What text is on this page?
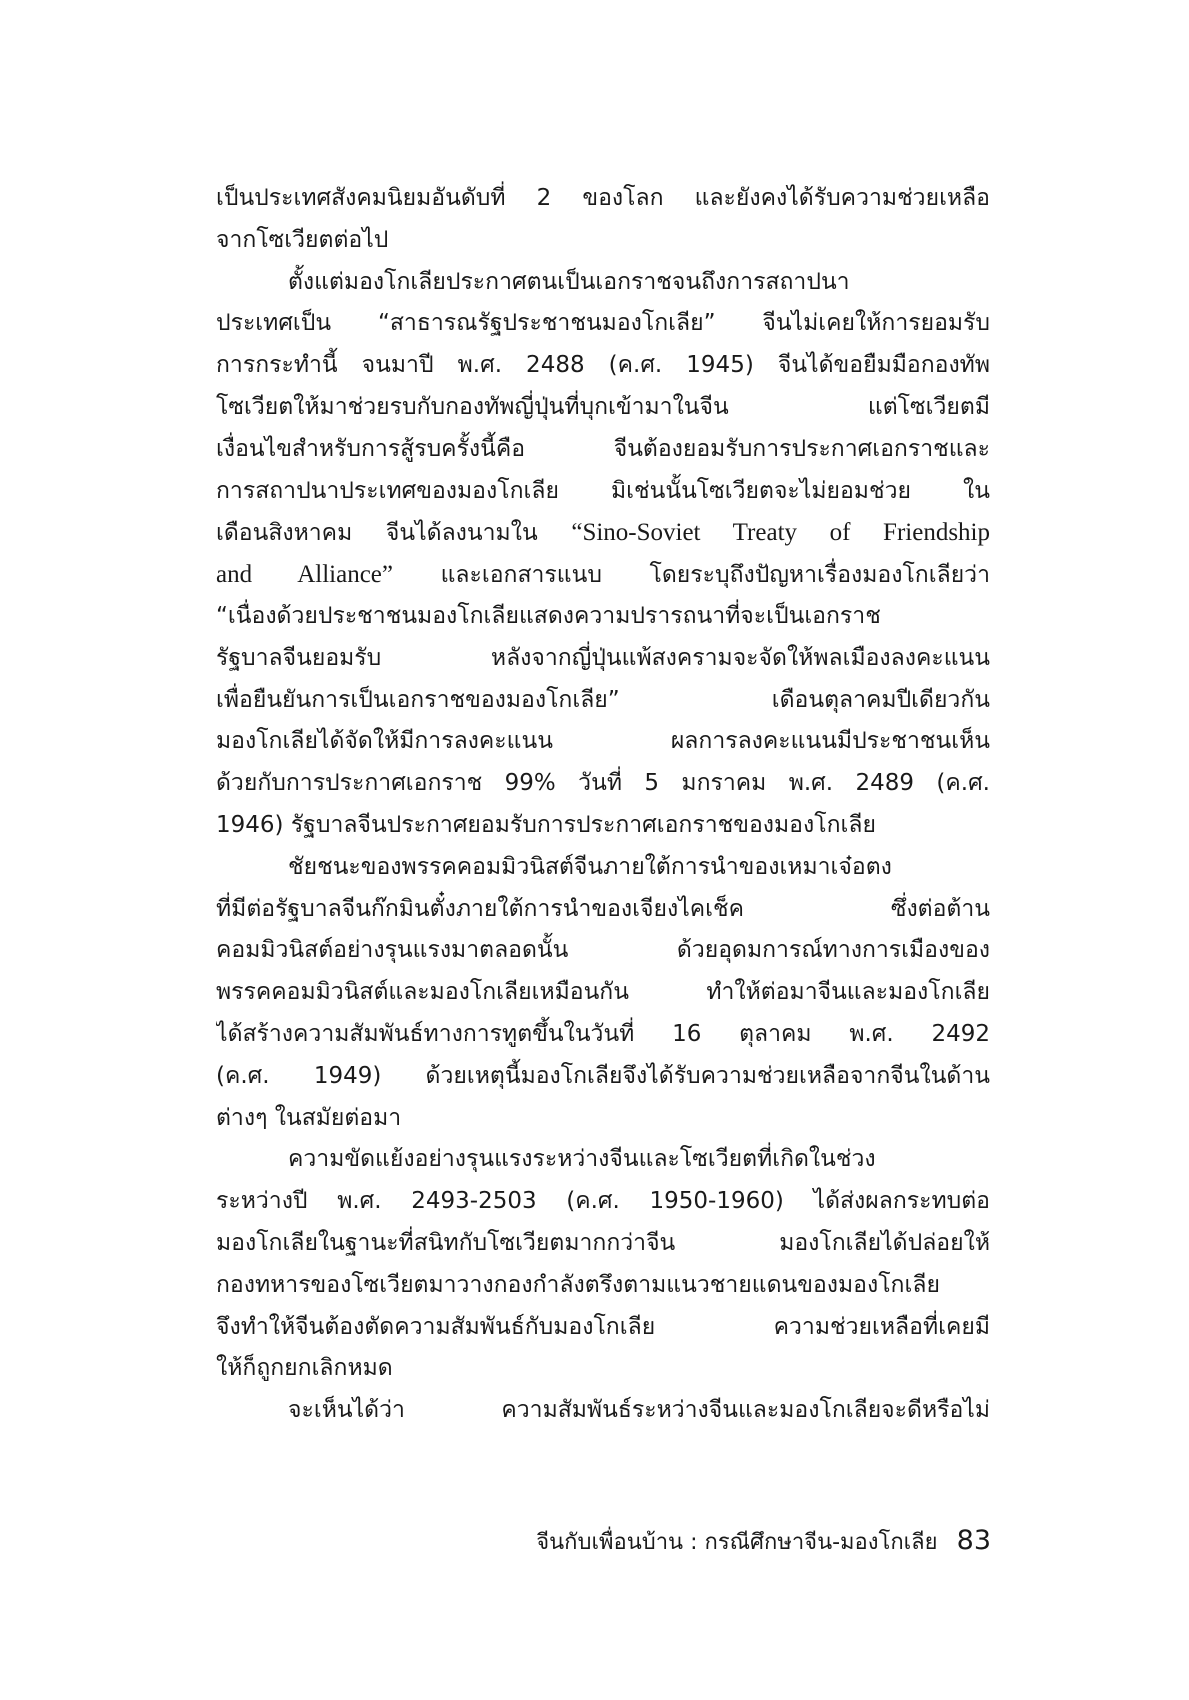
เป็นประเทศสังคมนิยมอันดับที่ 2 ของโลก และยังคงได้รับความช่วยเหลือ
จากโซเวียตต่อไป
ตั้งแต่มองโกเลียประกาศตนเป็นเอกราชจนถึงการสถาปนา
ประเทศเป็น “สาธารณรัฐประชาชนมองโกเลีย” จีนไม่เคยให้การยอมรับ
การกระทำนี้ จนมาปี พ.ศ. 2488 (ค.ศ. 1945) จีนได้ขอยืมมือกองทัพ
โซเวียตให้มาช่วยรบกับกองทัพญี่ปุ่นที่บุกเข้ามาในจีน แต่โซเวียตมี
เงื่อนไขสำหรับการสู้รบครั้งนี้คือ จีนต้องยอมรับการประกาศเอกราชและ
การสถาปนาประเทศของมองโกเลีย มิเช่นนั้นโซเวียตจะไม่ยอมช่วย ใน
เดือนสิงหาคม จีนได้ลงนามใน “Sino-Soviet Treaty of Friendship
and Alliance” และเอกสารแนบ โดยระบุถึงปัญหาเรื่องมองโกเลียว่า
“เนื่องด้วยประชาชนมองโกเลียแสดงความปรารถนาที่จะเป็นเอกราช
รัฐบาลจีนยอมรับ หลังจากญี่ปุ่นแพ้สงครามจะจัดให้พลเมืองลงคะแนน
เพื่อยืนยันการเป็นเอกราชของมองโกเลีย” เดือนตุลาคมปีเดียวกัน
มองโกเลียได้จัดให้มีการลงคะแนน ผลการลงคะแนนมีประชาชนเห็น
ด้วยกับการประกาศเอกราช 99% วันที่ 5 มกราคม พ.ศ. 2489 (ค.ศ.
1946) รัฐบาลจีนประกาศยอมรับการประกาศเอกราชของมองโกเลีย
ชัยชนะของพรรคคอมมิวนิสต์จีนภายใต้การนำของเหมาเจ๋อตง
ที่มีต่อรัฐบาลจีนก๊กมินตั๋งภายใต้การนำของเจียงไคเช็ค ซึ่งต่อต้าน
คอมมิวนิสต์อย่างรุนแรงมาตลอดนั้น ด้วยอุดมการณ์ทางการเมืองของ
พรรคคอมมิวนิสต์และมองโกเลียเหมือนกัน ทำให้ต่อมาจีนและมองโกเลีย
ได้สร้างความสัมพันธ์ทางการทูตขึ้นในวันที่ 16 ตุลาคม พ.ศ. 2492
(ค.ศ. 1949) ด้วยเหตุนี้มองโกเลียจึงได้รับความช่วยเหลือจากจีนในด้าน
ต่างๆ ในสมัยต่อมา
ความขัดแย้งอย่างรุนแรงระหว่างจีนและโซเวียตที่เกิดในช่วง
ระหว่างปี พ.ศ. 2493-2503 (ค.ศ. 1950-1960) ได้ส่งผลกระทบต่อ
มองโกเลียในฐานะที่สนิทกับโซเวียตมากกว่าจีน มองโกเลียได้ปล่อยให้
กองทหารของโซเวียตมาวางกองกำลังตรึงตามแนวชายแดนของมองโกเลีย
จึงทำให้จีนต้องตัดความสัมพันธ์กับมองโกเลีย ความช่วยเหลือที่เคยมี
ให้ก็ถูกยกเลิกหมด
จะเห็นได้ว่า ความสัมพันธ์ระหว่างจีนและมองโกเลียจะดีหรือไม่
จีนกับเพื่อนบ้าน : กรณีศึกษาจีน-มองโกเลีย 83
